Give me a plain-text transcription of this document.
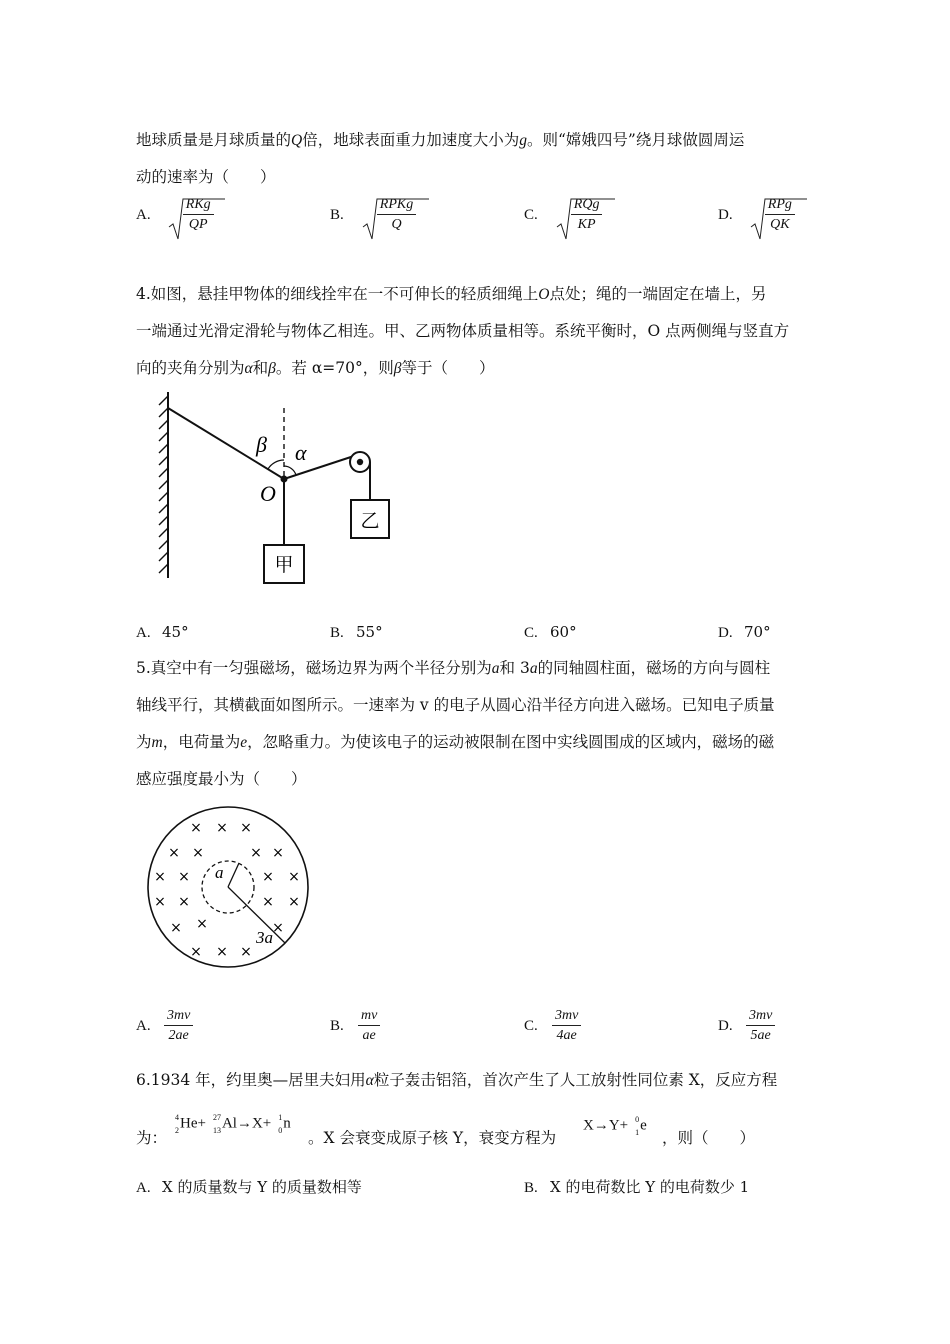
地球质量是月球质量的Q倍，地球表面重力加速度大小为g。则“嫦娥四号”绕月球做圆周运
动的速率为（　　）
A. $\frac{\text{RKg}}{QP}$	B. $\frac{\text{RPKg}}{Q}$	C. $\frac{\text{RQg}}{KP}$	D. $\frac{\text{RPg}}{QK}$
4.如图，悬挂甲物体的细线拴牢在一不可伸长的轻质细绳上O点处；绳的一端固定在墙上，另
一端通过光滑定滑轮与物体乙相连。甲、乙两物体质量相等。系统平衡时，O 点两侧绳与竖直方
向的夹角分别为α和β。若 α=70°，则β等于（　　）
β α
O
乙
甲
A. 45°	B. 55°	C. 60°	D. 70°
5.真空中有一匀强磁场，磁场边界为两个半径分别为a和 3a的同轴圆柱面，磁场的方向与圆柱
轴线平行，其横截面如图所示。一速率为 v 的电子从圆心沿半径方向进入磁场。已知电子质量
为m，电荷量为e，忽略重力。为使该电子的运动被限制在图中实线圆围成的区域内，磁场的磁
感应强度最小为（　　）
a
3a
× × ×
× ×	× ×
× ×	× ×
× ×	× ×
× ×	×
× × ×
A. $\frac{3mv}{2ae}$	B. $\frac{mv}{ae}$	C. $\frac{3mv}{4ae}$	D. $\frac{3mv}{5ae}$
6.1934 年，约里奥—居里夫妇用α粒子轰击铝箔，首次产生了人工放射性同位素 X，反应方程
为：
4
2 He+ 27
13 Al→X+ 1
0 n
。X 会衰变成原子核 Y，衰变方程为
X→Y+ 0
1 e
，则（　　）
A. X 的质量数与 Y 的质量数相等	B. X 的电荷数比 Y 的电荷数少 1
